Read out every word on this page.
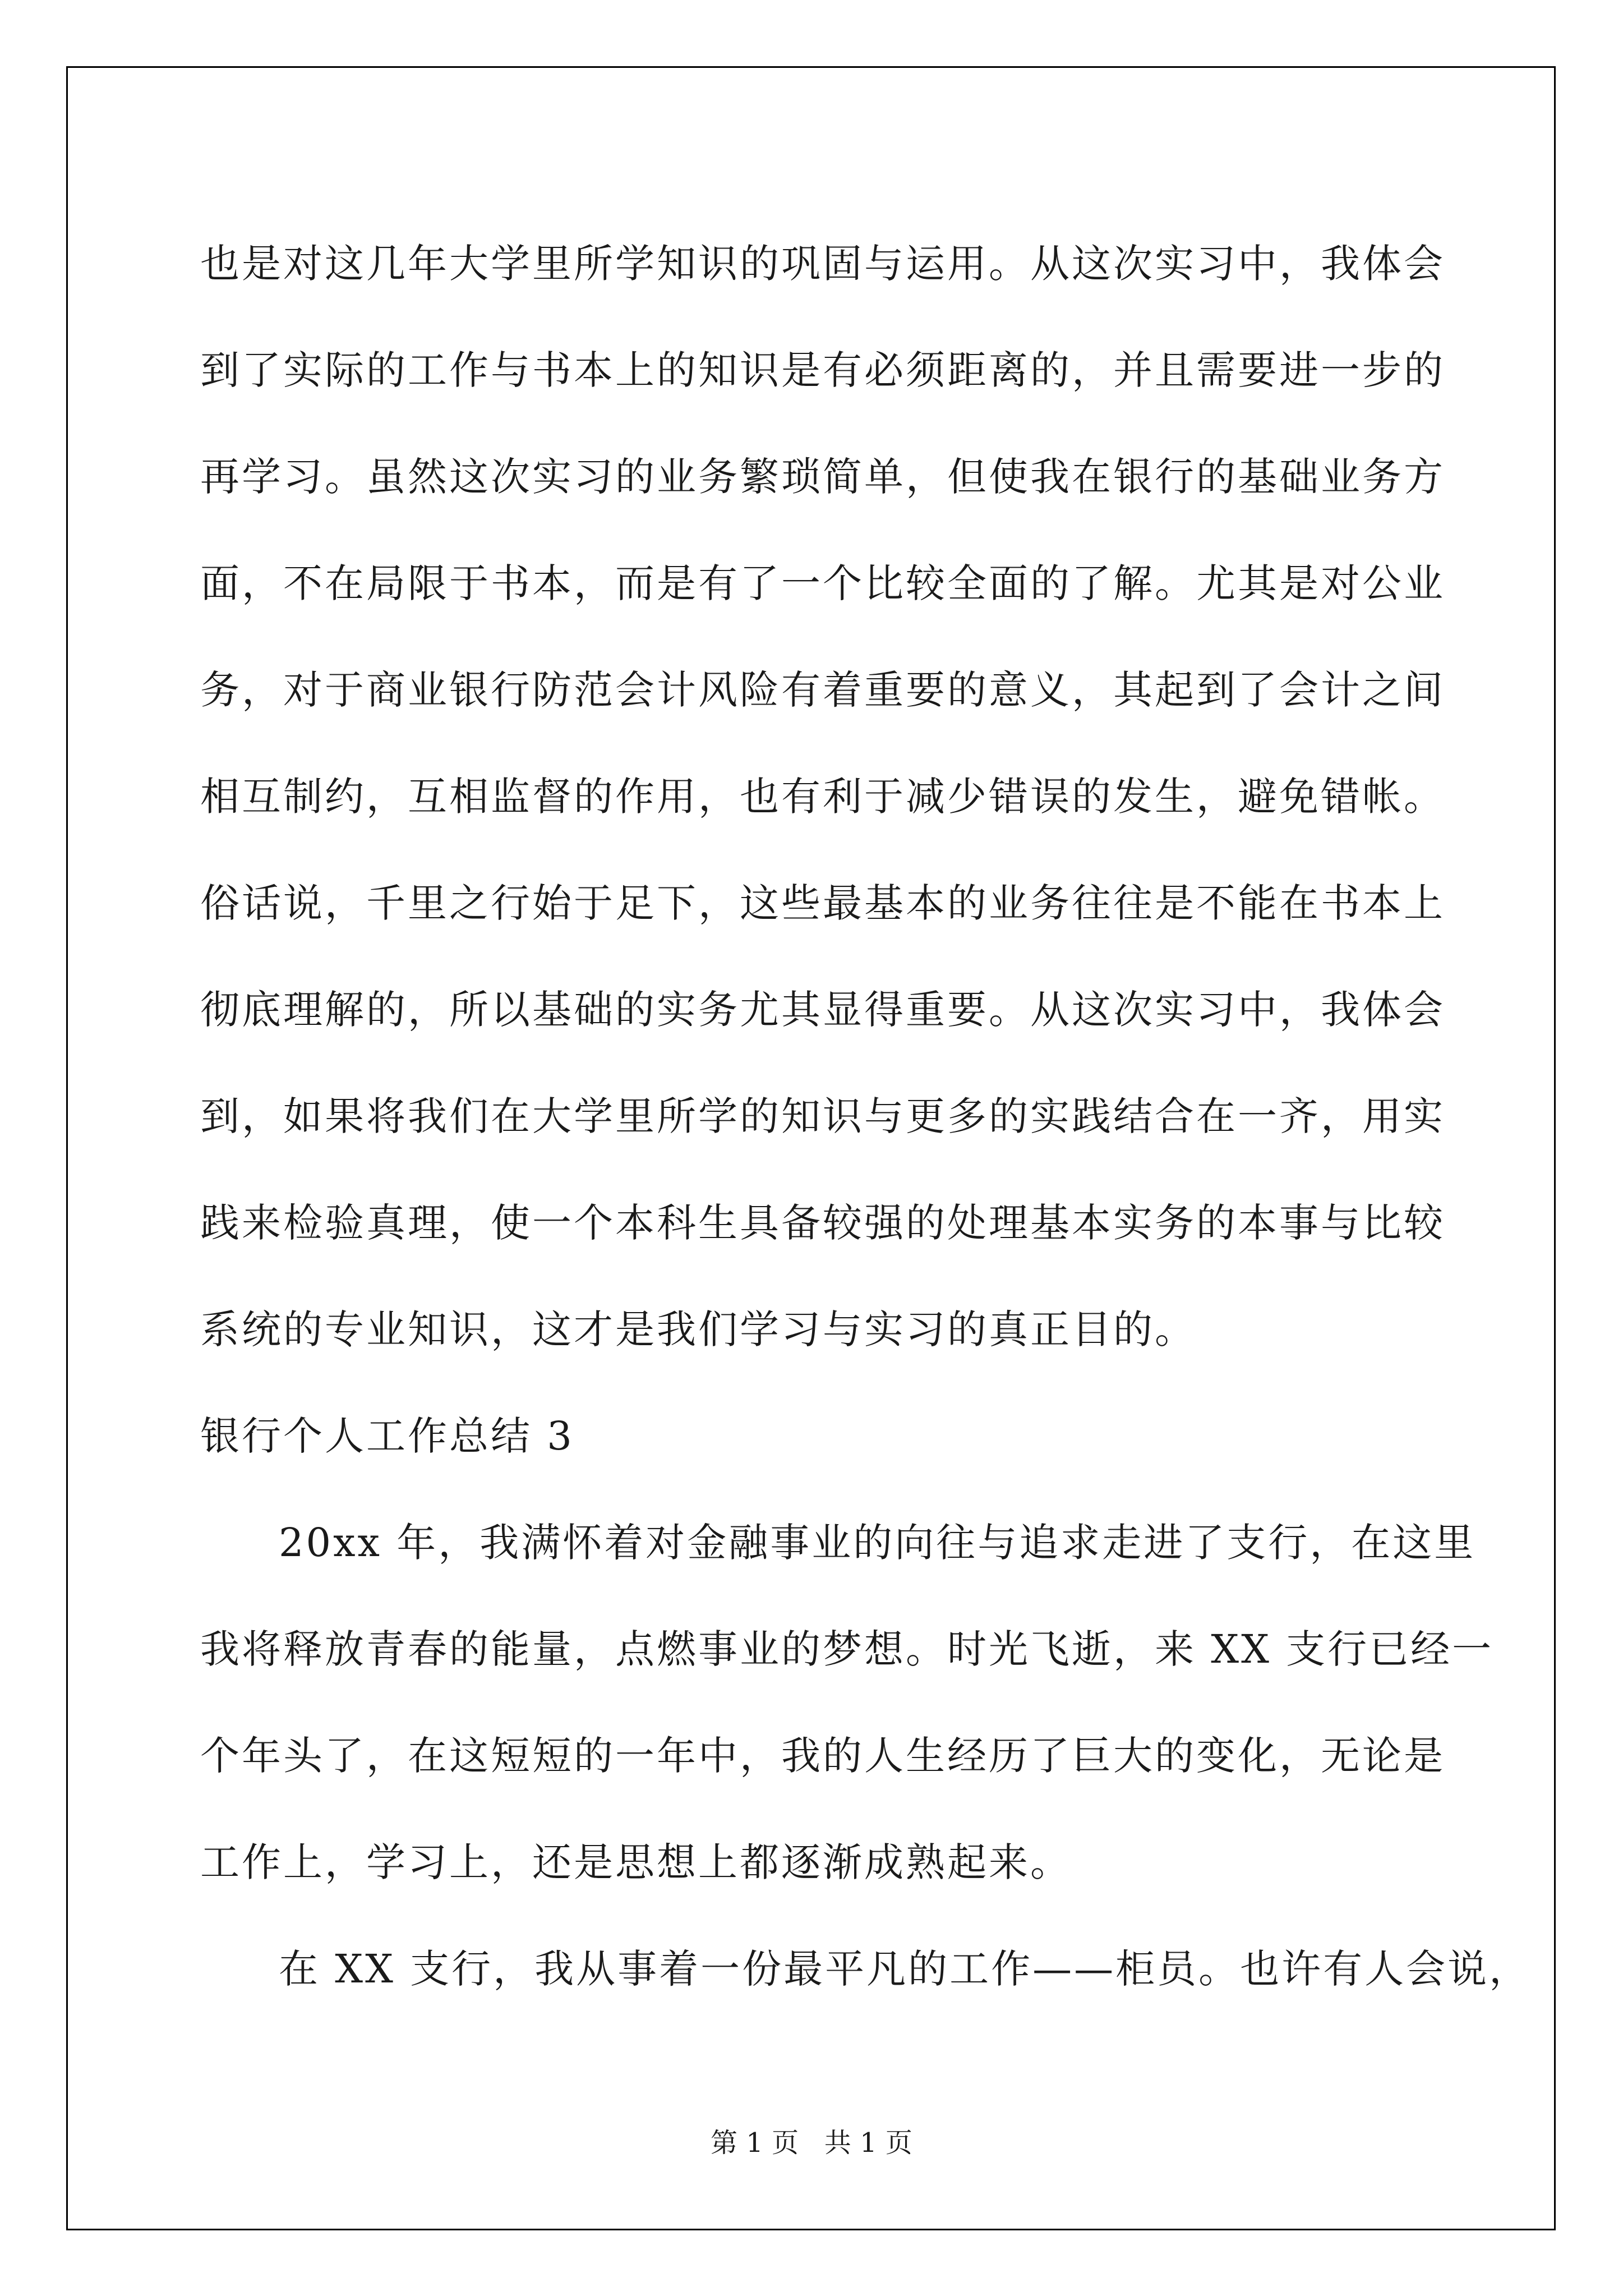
也是对这几年大学里所学知识的巩固与运用。从这次实习中，我体会
到了实际的工作与书本上的知识是有必须距离的，并且需要进一步的
再学习。虽然这次实习的业务繁琐简单，但使我在银行的基础业务方
面，不在局限于书本，而是有了一个比较全面的了解。尤其是对公业
务，对于商业银行防范会计风险有着重要的意义，其起到了会计之间
相互制约，互相监督的作用，也有利于减少错误的发生，避免错帐。
俗话说，千里之行始于足下，这些最基本的业务往往是不能在书本上
彻底理解的，所以基础的实务尤其显得重要。从这次实习中，我体会
到，如果将我们在大学里所学的知识与更多的实践结合在一齐，用实
践来检验真理，使一个本科生具备较强的处理基本实务的本事与比较
系统的专业知识，这才是我们学习与实习的真正目的。
银行个人工作总结 3
20xx 年，我满怀着对金融事业的向往与追求走进了支行，在这里
我将释放青春的能量，点燃事业的梦想。时光飞逝，来 XX 支行已经一
个年头了，在这短短的一年中，我的人生经历了巨大的变化，无论是
工作上，学习上，还是思想上都逐渐成熟起来。
在 XX 支行，我从事着一份最平凡的工作——柜员。也许有人会说，
第 1 页   共 1 页
